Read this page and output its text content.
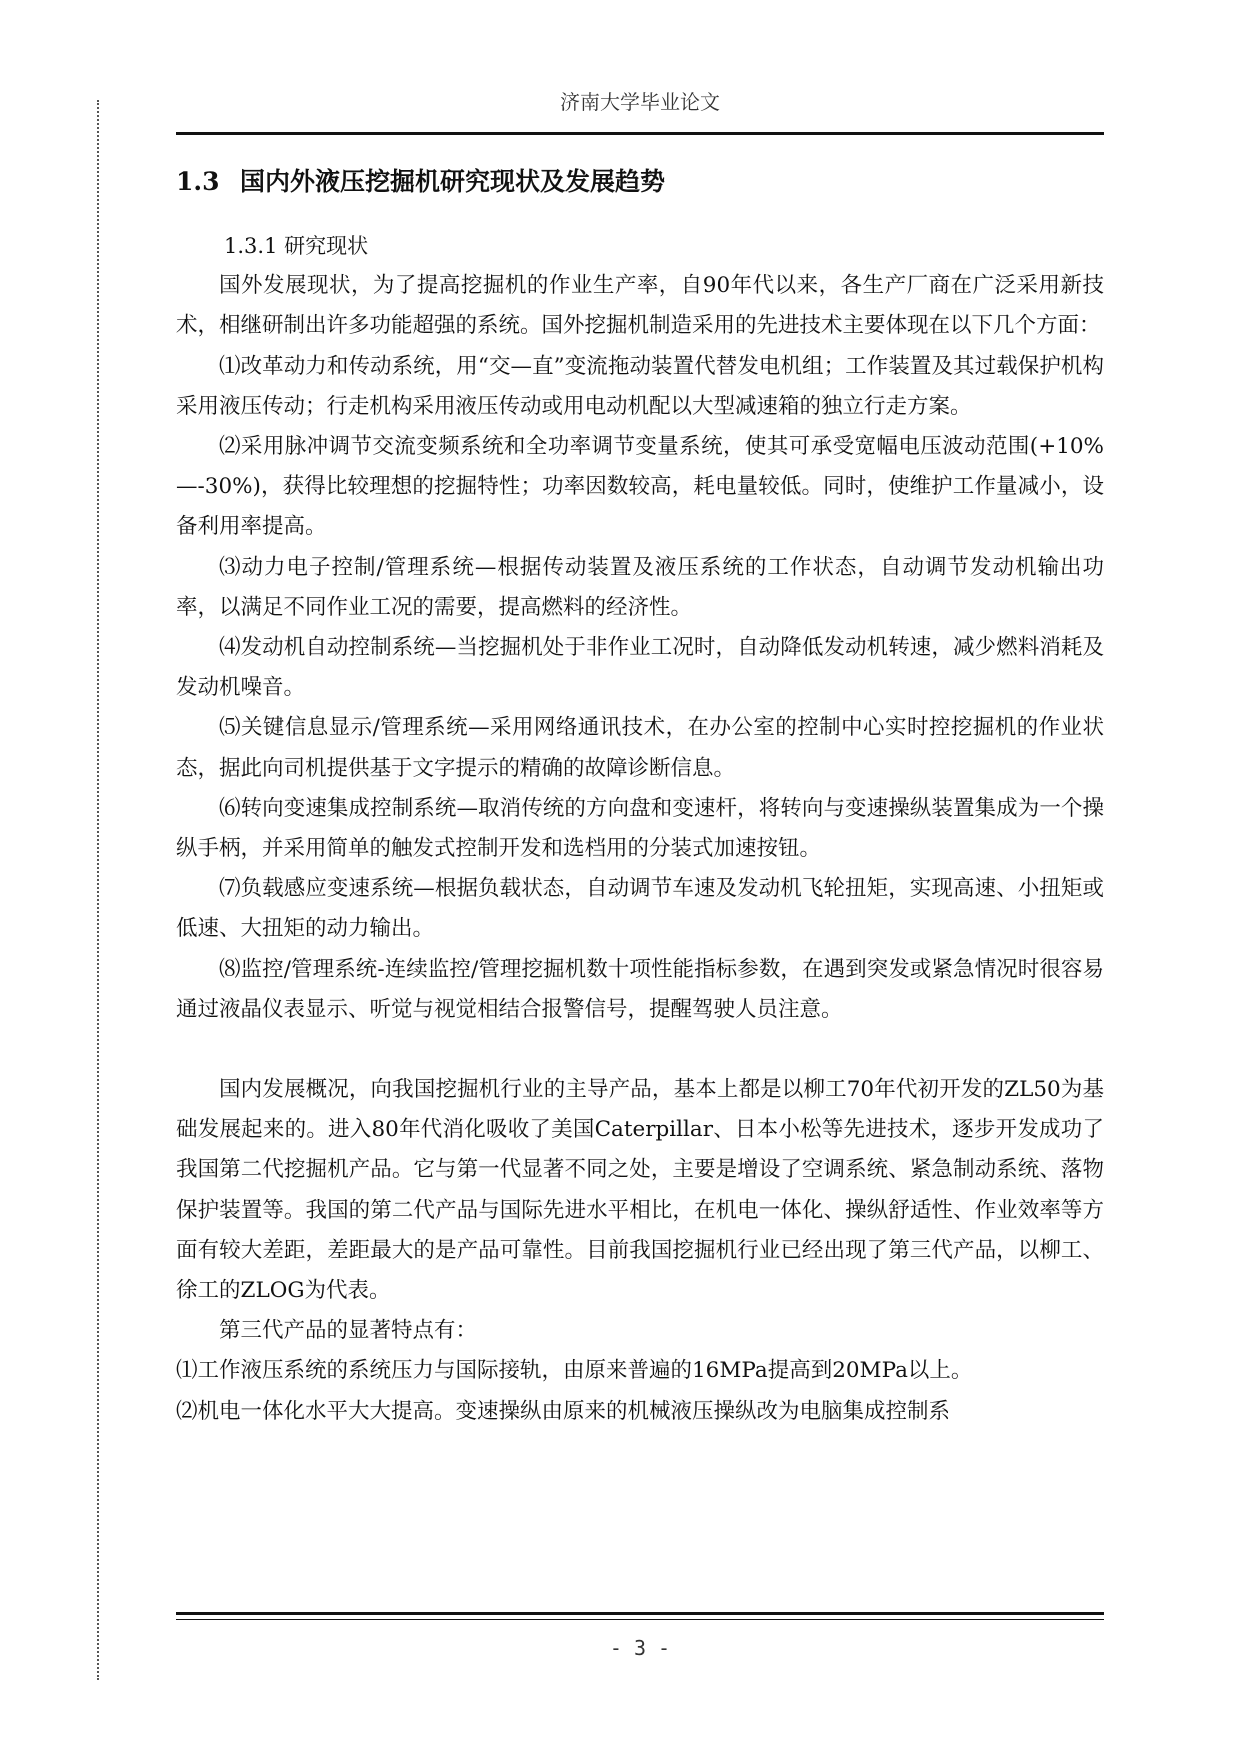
济南大学毕业论文
1.3 国内外液压挖掘机研究现状及发展趋势
1.3.1 研究现状

国外发展现状，为了提高挖掘机的作业生产率，自90年代以来，各生产厂商在广泛采用新技术，相继研制出许多功能超强的系统。国外挖掘机制造采用的先进技术主要体现在以下几个方面：

⑴改革动力和传动系统，用“交—直”变流拖动装置代替发电机组；工作装置及其过载保护机构采用液压传动；行走机构采用液压传动或用电动机配以大型减速箱的独立行走方案。

⑵采用脉冲调节交流变频系统和全功率调节变量系统，使其可承受宽幅电压波动范围(+10%—-30%)，获得比较理想的挖掘特性；功率因数较高，耗电量较低。同时，使维护工作量减小，设备利用率提高。

⑶动力电子控制/管理系统—根据传动装置及液压系统的工作状态，自动调节发动机输出功率，以满足不同作业工况的需要，提高燃料的经济性。

⑷发动机自动控制系统—当挖掘机处于非作业工况时，自动降低发动机转速，减少燃料消耗及发动机噪音。

⑸关键信息显示/管理系统—采用网络通讯技术，在办公室的控制中心实时控挖掘机的作业状态，据此向司机提供基于文字提示的精确的故障诊断信息。

⑹转向变速集成控制系统—取消传统的方向盘和变速杆，将转向与变速操纵装置集成为一个操纵手柄，并采用简单的触发式控制开发和选档用的分装式加速按钮。

⑺负载感应变速系统—根据负载状态，自动调节车速及发动机飞轮扭矩，实现高速、小扭矩或低速、大扭矩的动力输出。

⑻监控/管理系统-连续监控/管理挖掘机数十项性能指标参数，在遇到突发或紧急情况时很容易通过液晶仪表显示、听觉与视觉相结合报警信号，提醒驾驶人员注意。

国内发展概况，向我国挖掘机行业的主导产品，基本上都是以柳工70年代初开发的ZL50为基础发展起来的。进入80年代消化吸收了美国Caterpillar、日本小松等先进技术，逐步开发成功了我国第二代挖掘机产品。它与第一代显著不同之处，主要是增设了空调系统、紧急制动系统、落物保护装置等。我国的第二代产品与国际先进水平相比，在机电一体化、操纵舒适性、作业效率等方面有较大差距，差距最大的是产品可靠性。目前我国挖掘机行业已经出现了第三代产品，以柳工、徐工的ZLOG为代表。

第三代产品的显著特点有：

⑴工作液压系统的系统压力与国际接轨，由原来普遍的16MPa提高到20MPa以上。

⑵机电一体化水平大大提高。变速操纵由原来的机械液压操纵改为电脑集成控制系

- 3 -
